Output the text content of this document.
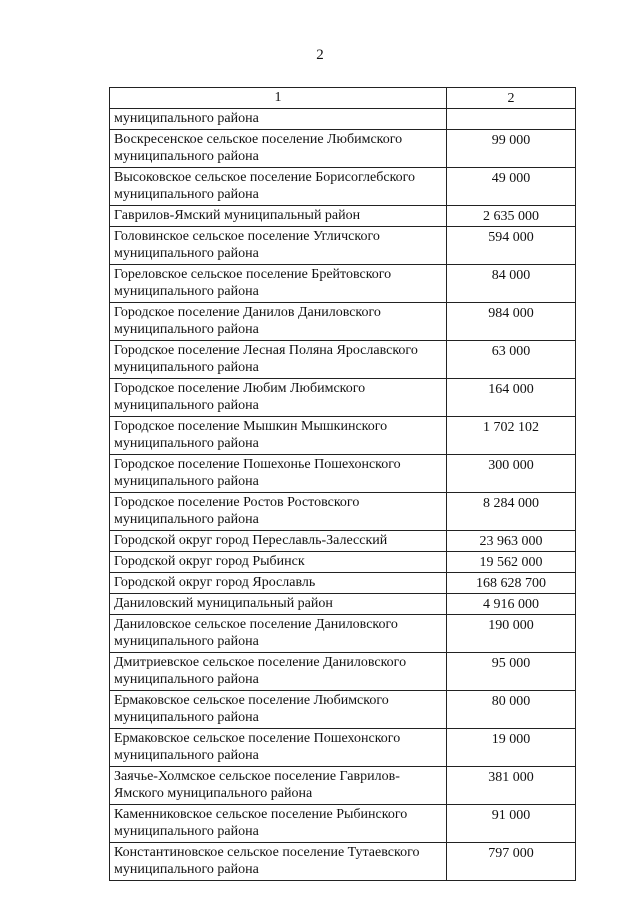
2
1	2
муниципального района	
Воскресенское сельское поселение Любимского муниципального района	99 000
Высоковское сельское поселение Борисоглебского муниципального района	49 000
Гаврилов-Ямский муниципальный район	2 635 000
Головинское сельское поселение Угличского муниципального района	594 000
Гореловское сельское поселение Брейтовского муниципального района	84 000
Городское поселение Данилов Даниловского муниципального района	984 000
Городское поселение Лесная Поляна Ярославского муниципального района	63 000
Городское поселение Любим Любимского муниципального района	164 000
Городское поселение Мышкин Мышкинского муниципального района	1 702 102
Городское поселение Пошехонье Пошехонского муниципального района	300 000
Городское поселение Ростов Ростовского муниципального района	8 284 000
Городской округ город Переславль-Залесский	23 963 000
Городской округ город Рыбинск	19 562 000
Городской округ город Ярославль	168 628 700
Даниловский муниципальный район	4 916 000
Даниловское сельское поселение Даниловского муниципального района	190 000
Дмитриевское сельское поселение Даниловского муниципального района	95 000
Ермаковское сельское поселение Любимского муниципального района	80 000
Ермаковское сельское поселение Пошехонского муниципального района	19 000
Заячье-Холмское сельское поселение Гаврилов-Ямского муниципального района	381 000
Каменниковское сельское поселение Рыбинского муниципального района	91 000
Константиновское сельское поселение Тутаевского муниципального района	797 000
